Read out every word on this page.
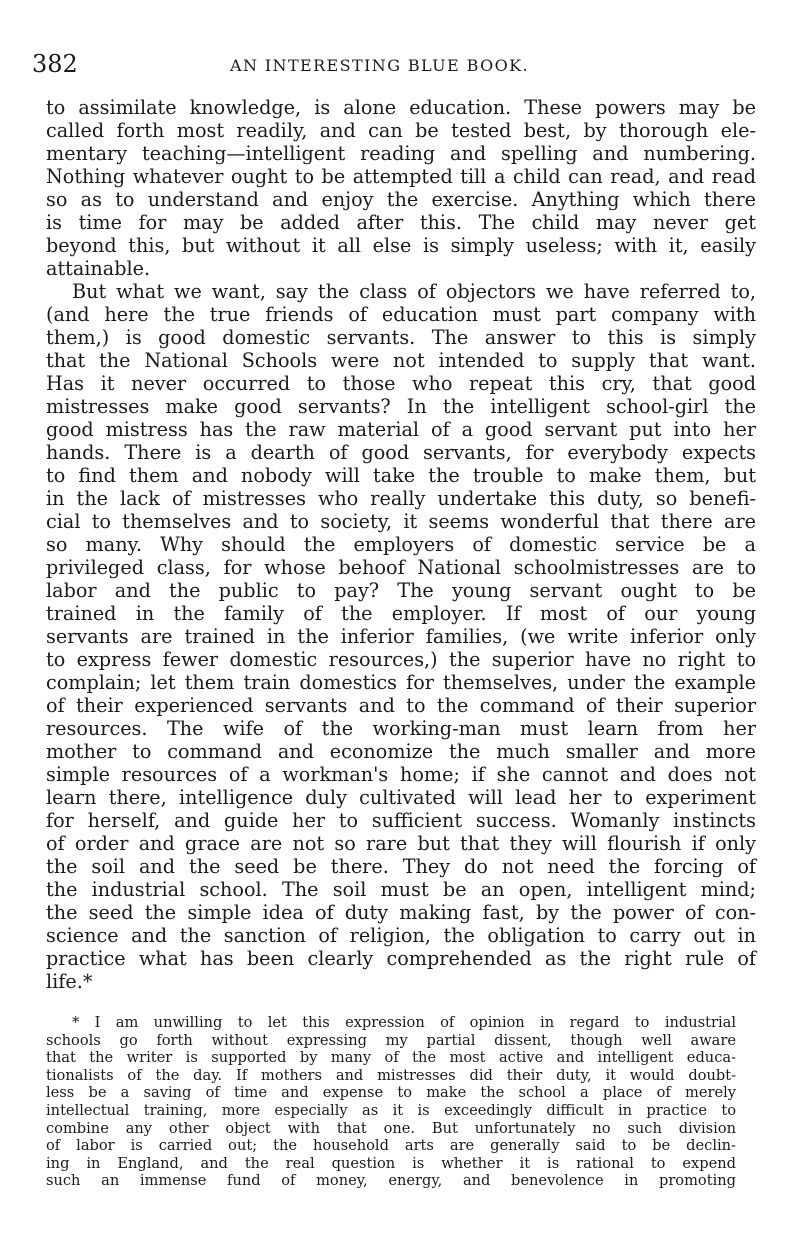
382	AN INTERESTING BLUE BOOK.
to assimilate knowledge, is alone education. These powers may be
called forth most readily, and can be tested best, by thorough ele-
mentary teaching—intelligent reading and spelling and numbering.
Nothing whatever ought to be attempted till a child can read, and read
so as to understand and enjoy the exercise. Anything which there
is time for may be added after this. The child may never get
beyond this, but without it all else is simply useless; with it, easily
attainable.
But what we want, say the class of objectors we have referred to,
(and here the true friends of education must part company with
them,) is good domestic servants. The answer to this is simply
that the National Schools were not intended to supply that want.
Has it never occurred to those who repeat this cry, that good
mistresses make good servants? In the intelligent school-girl the
good mistress has the raw material of a good servant put into her
hands. There is a dearth of good servants, for everybody expects
to find them and nobody will take the trouble to make them, but
in the lack of mistresses who really undertake this duty, so benefi-
cial to themselves and to society, it seems wonderful that there are
so many. Why should the employers of domestic service be a
privileged class, for whose behoof National schoolmistresses are to
labor and the public to pay? The young servant ought to be
trained in the family of the employer. If most of our young
servants are trained in the inferior families, (we write inferior only
to express fewer domestic resources,) the superior have no right to
complain; let them train domestics for themselves, under the example
of their experienced servants and to the command of their superior
resources. The wife of the working-man must learn from her
mother to command and economize the much smaller and more
simple resources of a workman's home; if she cannot and does not
learn there, intelligence duly cultivated will lead her to experiment
for herself, and guide her to sufficient success. Womanly instincts
of order and grace are not so rare but that they will flourish if only
the soil and the seed be there. They do not need the forcing of
the industrial school. The soil must be an open, intelligent mind;
the seed the simple idea of duty making fast, by the power of con-
science and the sanction of religion, the obligation to carry out in
practice what has been clearly comprehended as the right rule of
life.*
* I am unwilling to let this expression of opinion in regard to industrial
schools go forth without expressing my partial dissent, though well aware
that the writer is supported by many of the most active and intelligent educa-
tionalists of the day. If mothers and mistresses did their duty, it would doubt-
less be a saving of time and expense to make the school a place of merely
intellectual training, more especially as it is exceedingly difficult in practice to
combine any other object with that one. But unfortunately no such division
of labor is carried out; the household arts are generally said to be declin-
ing in England, and the real question is whether it is rational to expend
such an immense fund of money, energy, and benevolence in promoting
